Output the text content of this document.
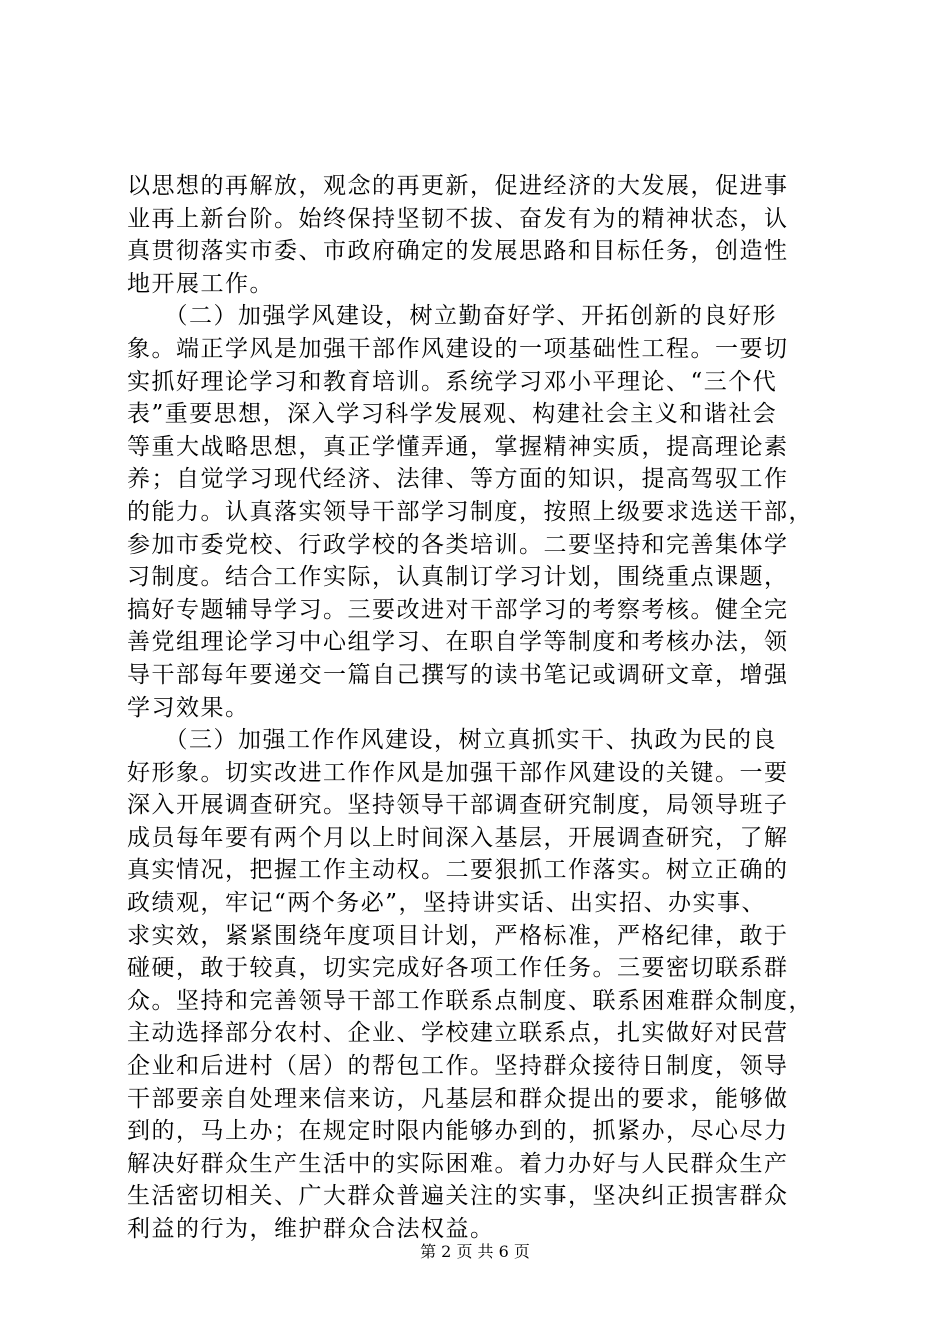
以思想的再解放，观念的再更新，促进经济的大发展，促进事
业再上新台阶。始终保持坚韧不拔、奋发有为的精神状态，认
真贯彻落实市委、市政府确定的发展思路和目标任务，创造性
地开展工作。
　　（二）加强学风建设，树立勤奋好学、开拓创新的良好形
象。端正学风是加强干部作风建设的一项基础性工程。一要切
实抓好理论学习和教育培训。系统学习邓小平理论、“三个代
表”重要思想，深入学习科学发展观、构建社会主义和谐社会
等重大战略思想，真正学懂弄通，掌握精神实质，提高理论素
养；自觉学习现代经济、法律、等方面的知识，提高驾驭工作
的能力。认真落实领导干部学习制度，按照上级要求选送干部，
参加市委党校、行政学校的各类培训。二要坚持和完善集体学
习制度。结合工作实际，认真制订学习计划，围绕重点课题，
搞好专题辅导学习。三要改进对干部学习的考察考核。健全完
善党组理论学习中心组学习、在职自学等制度和考核办法，领
导干部每年要递交一篇自己撰写的读书笔记或调研文章，增强
学习效果。
　　（三）加强工作作风建设，树立真抓实干、执政为民的良
好形象。切实改进工作作风是加强干部作风建设的关键。一要
深入开展调查研究。坚持领导干部调查研究制度，局领导班子
成员每年要有两个月以上时间深入基层，开展调查研究，了解
真实情况，把握工作主动权。二要狠抓工作落实。树立正确的
政绩观，牢记“两个务必”，坚持讲实话、出实招、办实事、
求实效，紧紧围绕年度项目计划，严格标准，严格纪律，敢于
碰硬，敢于较真，切实完成好各项工作任务。三要密切联系群
众。坚持和完善领导干部工作联系点制度、联系困难群众制度，
主动选择部分农村、企业、学校建立联系点，扎实做好对民营
企业和后进村（居）的帮包工作。坚持群众接待日制度，领导
干部要亲自处理来信来访，凡基层和群众提出的要求，能够做
到的，马上办；在规定时限内能够办到的，抓紧办，尽心尽力
解决好群众生产生活中的实际困难。着力办好与人民群众生产
生活密切相关、广大群众普遍关注的实事，坚决纠正损害群众
利益的行为，维护群众合法权益。
第 2 页 共 6 页
